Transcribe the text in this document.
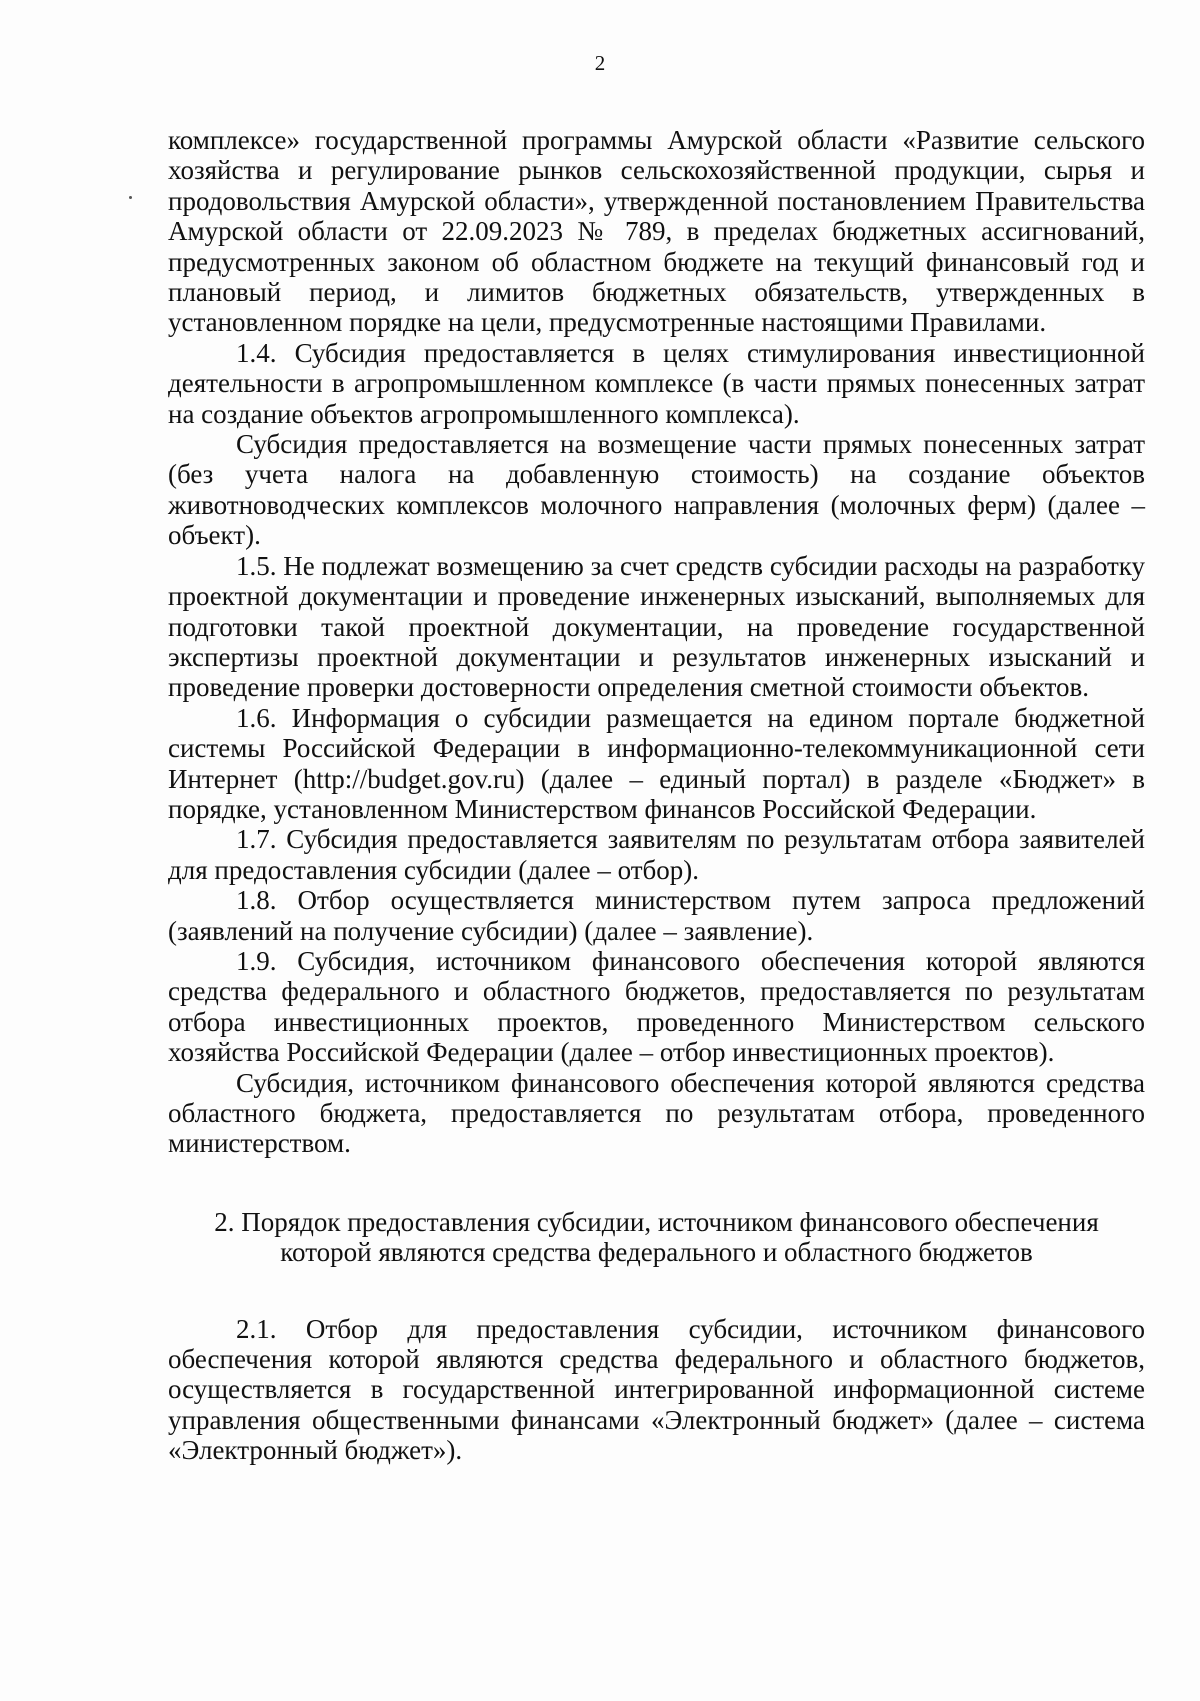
2

комплексе» государственной программы Амурской области «Развитие сельского хозяйства и регулирование рынков сельскохозяйственной продукции, сырья и продовольствия Амурской области», утвержденной постановлением Правительства Амурской области от 22.09.2023 № 789, в пределах бюджетных ассигнований, предусмотренных законом об областном бюджете на текущий финансовый год и плановый период, и лимитов бюджетных обязательств, утвержденных в установленном порядке на цели, предусмотренные настоящими Правилами.

1.4. Субсидия предоставляется в целях стимулирования инвестиционной деятельности в агропромышленном комплексе (в части прямых понесенных затрат на создание объектов агропромышленного комплекса).

Субсидия предоставляется на возмещение части прямых понесенных затрат (без учета налога на добавленную стоимость) на создание объектов животноводческих комплексов молочного направления (молочных ферм) (далее – объект).

1.5. Не подлежат возмещению за счет средств субсидии расходы на разработку проектной документации и проведение инженерных изысканий, выполняемых для подготовки такой проектной документации, на проведение государственной экспертизы проектной документации и результатов инженерных изысканий и проведение проверки достоверности определения сметной стоимости объектов.

1.6. Информация о субсидии размещается на едином портале бюджетной системы Российской Федерации в информационно-телекоммуникационной сети Интернет (http://budget.gov.ru) (далее – единый портал) в разделе «Бюджет» в порядке, установленном Министерством финансов Российской Федерации.

1.7. Субсидия предоставляется заявителям по результатам отбора заявителей для предоставления субсидии (далее – отбор).

1.8. Отбор осуществляется министерством путем запроса предложений (заявлений на получение субсидии) (далее – заявление).

1.9. Субсидия, источником финансового обеспечения которой являются средства федерального и областного бюджетов, предоставляется по результатам отбора инвестиционных проектов, проведенного Министерством сельского хозяйства Российской Федерации (далее – отбор инвестиционных проектов).

Субсидия, источником финансового обеспечения которой являются средства областного бюджета, предоставляется по результатам отбора, проведенного министерством.

2. Порядок предоставления субсидии, источником финансового обеспечения
которой являются средства федерального и областного бюджетов

2.1. Отбор для предоставления субсидии, источником финансового обеспечения которой являются средства федерального и областного бюджетов, осуществляется в государственной интегрированной информационной системе управления общественными финансами «Электронный бюджет» (далее – система «Электронный бюджет»).
